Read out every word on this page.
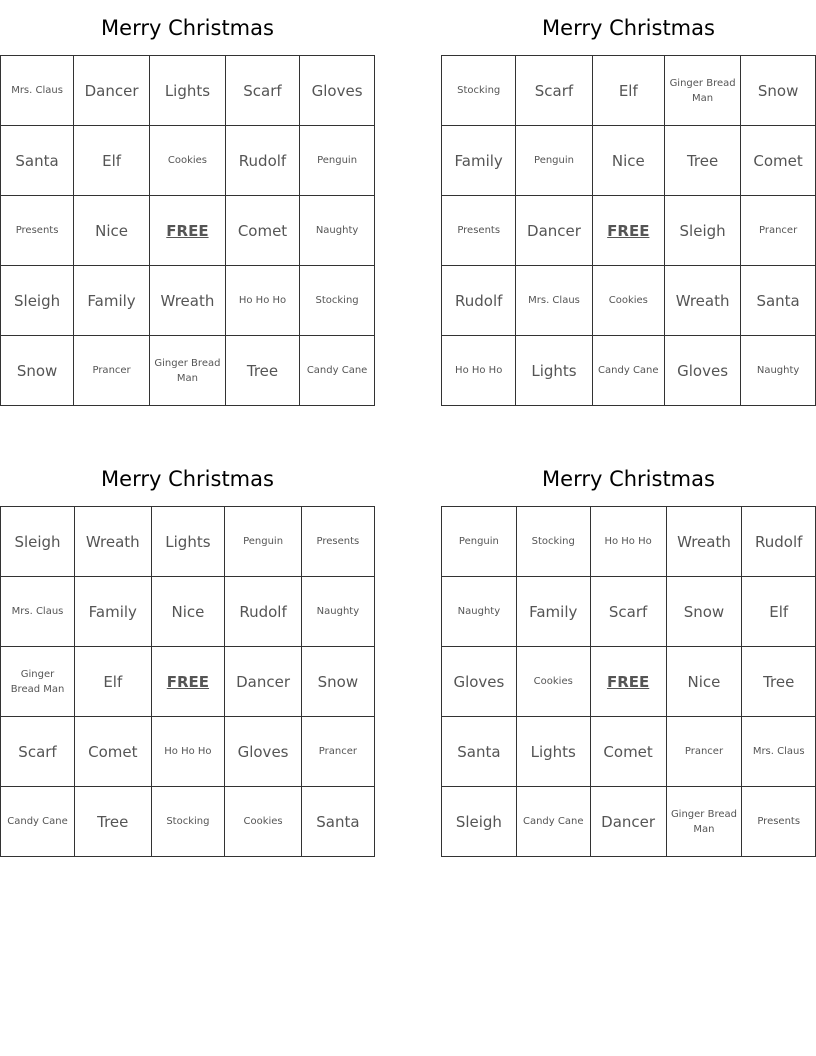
Merry Christmas
Mrs. Claus	Dancer	Lights	Scarf	Gloves
Santa	Elf	Cookies	Rudolf	Penguin
Presents	Nice	FREE	Comet	Naughty
Sleigh	Family	Wreath	Ho Ho Ho	Stocking
Snow	Prancer	Ginger Bread Man	Tree	Candy Cane
Merry Christmas
Stocking	Scarf	Elf	Ginger Bread Man	Snow
Family	Penguin	Nice	Tree	Comet
Presents	Dancer	FREE	Sleigh	Prancer
Rudolf	Mrs. Claus	Cookies	Wreath	Santa
Ho Ho Ho	Lights	Candy Cane	Gloves	Naughty
Merry Christmas
Sleigh	Wreath	Lights	Penguin	Presents
Mrs. Claus	Family	Nice	Rudolf	Naughty
Ginger Bread Man	Elf	FREE	Dancer	Snow
Scarf	Comet	Ho Ho Ho	Gloves	Prancer
Candy Cane	Tree	Stocking	Cookies	Santa
Merry Christmas
Penguin	Stocking	Ho Ho Ho	Wreath	Rudolf
Naughty	Family	Scarf	Snow	Elf
Gloves	Cookies	FREE	Nice	Tree
Santa	Lights	Comet	Prancer	Mrs. Claus
Sleigh	Candy Cane	Dancer	Ginger Bread Man	Presents
